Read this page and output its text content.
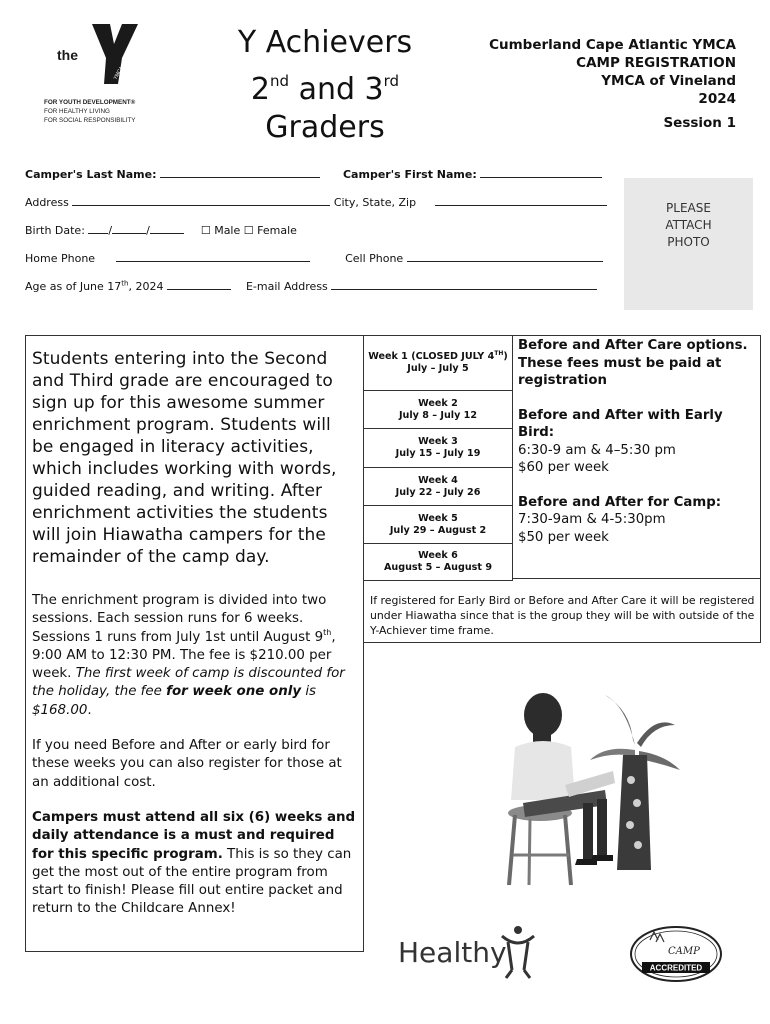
the
YMCA
FOR YOUTH DEVELOPMENT®
FOR HEALTHY LIVING
FOR SOCIAL RESPONSIBILITY
Y Achievers
2nd and 3rd
Graders
Cumberland Cape Atlantic YMCA
CAMP REGISTRATION
YMCA of Vineland
2024
Session 1
Camper's Last Name:	Camper's First Name:
Address	City, State, Zip
Birth Date: /	/	☐ Male ☐ Female
Home Phone	Cell Phone
Age as of June 17th, 2024	E-mail Address
PLEASE
ATTACH
PHOTO
Students entering into the Second and Third grade are encouraged to sign up for this awesome summer enrichment program. Students will be engaged in literacy activities, which includes working with words, guided reading, and writing. After enrichment activities the students will join Hiawatha campers for the remainder of the camp day.
The enrichment program is divided into two sessions. Each session runs for 6 weeks. Sessions 1 runs from July 1st until August 9th, 9:00 AM to 12:30 PM. The fee is $210.00 per week. The first week of camp is discounted for the holiday, the fee for week one only is $168.00.
If you need Before and After or early bird for these weeks you can also register for those at an additional cost.
Campers must attend all six (6) weeks and daily attendance is a must and required for this specific program. This is so they can get the most out of the entire program from start to finish! Please fill out entire packet and return to the Childcare Annex!
Week 1 (CLOSED JULY 4TH)
July – July 5
Week 2
July 8 – July 12
Week 3
July 15 – July 19
Week 4
July 22 – July 26
Week 5
July 29 – August 2
Week 6
August 5 – August 9
Before and After Care options. These fees must be paid at registration
Before and After with Early Bird:
6:30-9 am & 4–5:30 pm
$60 per week
Before and After for Camp:
7:30-9am & 4-5:30pm
$50 per week
If registered for Early Bird or Before and After Care it will be registered under Hiawatha since that is the group they will be with outside of the Y-Achiever time frame.
Healthy	CAMP
ACCREDITED
